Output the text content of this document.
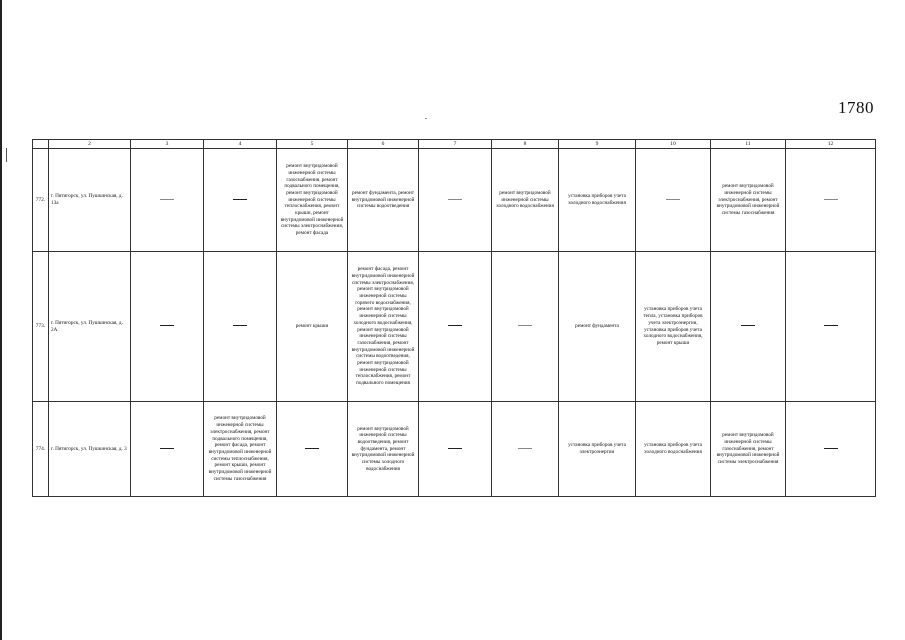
1780
	2	3	4	5	6	7	8	9	10	11	12
772.	г. Пятигорск, ул. Пушкинская, д. 13а			ремонт внутридомовой инженерной системы газоснабжения, ремонт подвального помещения, ремонт внутридомовой инженерной системы теплоснабжения, ремонт крыши, ремонт внутридомовой инженерной системы электроснабжения, ремонт фасада	ремонт фундамента, ремонт внутридомовой инженерной системы водоотведения		ремонт внутридомовой инженерной системы холодного водоснабжения	установка приборов учета холодного водоснабжения		ремонт внутридомовой инженерной системы электроснабжения, ремонт внутридомовой инженерной системы газоснабжения	
773.	г. Пятигорск, ул. Пушкинская, д. 2А			ремонт крыши	ремонт фасада, ремонт внутридомовой инженерной системы электроснабжения, ремонт внутридомовой инженерной системы горячего водоснабжения, ремонт внутридомовой инженерной системы холодного водоснабжения, ремонт внутридомовой инженерной системы газоснабжения, ремонт внутридомовой инженерной системы водоотведения, ремонт внутридомовой инженерной системы теплоснабжения, ремонт подвального помещения			ремонт фундамента	установка приборов учета тепла, установка приборов учета электроэнергии, установка приборов учета холодного водоснабжения, ремонт крыши		
774.	г. Пятигорск, ул. Пушкинская, д. 3		ремонт внутридомовой инженерной системы электроснабжения, ремонт подвального помещения, ремонт фасада, ремонт внутридомовой инженерной системы теплоснабжения, ремонт крыши, ремонт внутридомовой инженерной системы газоснабжения		ремонт внутридомовой инженерной системы водоотведения, ремонт фундамента, ремонт внутридомовой инженерной системы холодного водоснабжения			установка приборов учета электроэнергии	установка приборов учета холодного водоснабжения	ремонт внутридомовой инженерной системы газоснабжения, ремонт внутридомовой инженерной системы электроснабжения	
